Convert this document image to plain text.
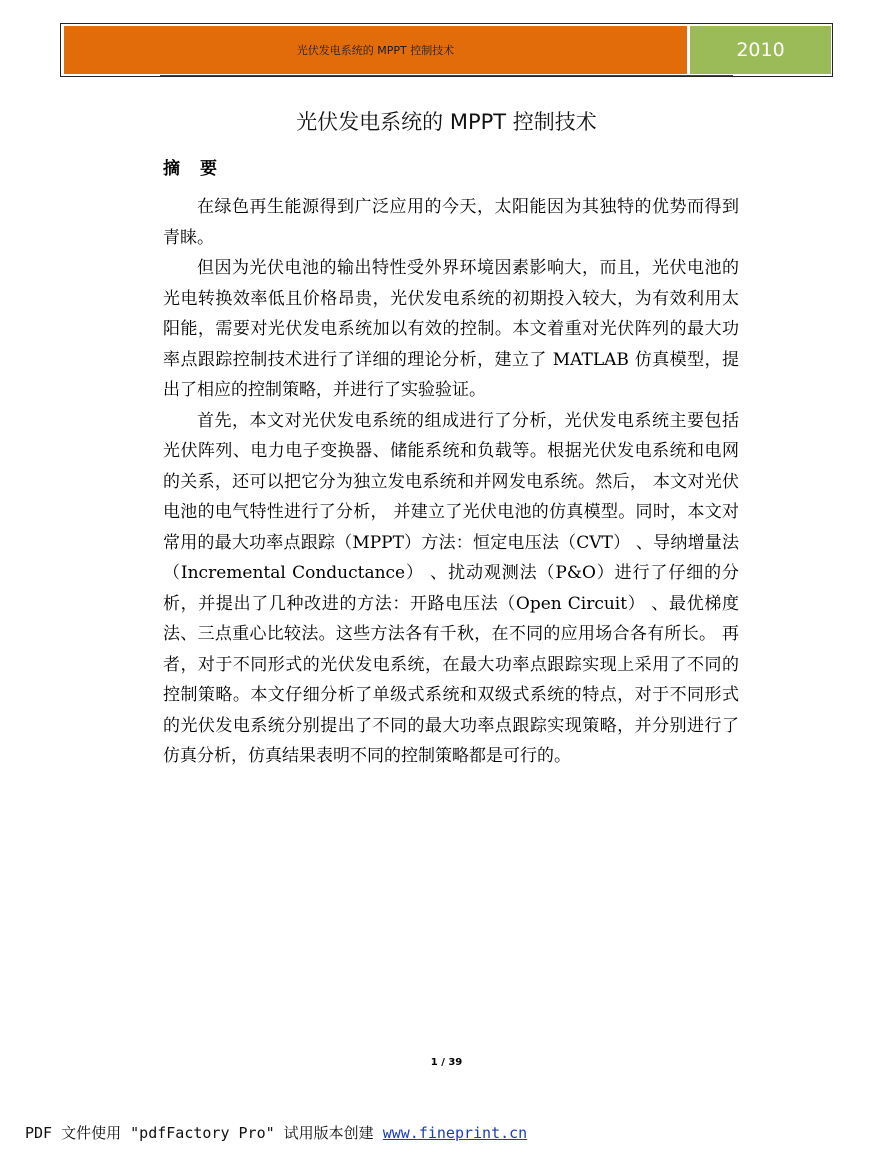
光伏发电系统的 MPPT 控制技术	2010
光伏发电系统的 MPPT 控制技术
摘要

在绿色再生能源得到广泛应用的今天，太阳能因为其独特的优势而得到青睐。

但因为光伏电池的输出特性受外界环境因素影响大，而且，光伏电池的光电转换效率低且价格昂贵，光伏发电系统的初期投入较大，为有效利用太阳能，需要对光伏发电系统加以有效的控制。本文着重对光伏阵列的最大功率点跟踪控制技术进行了详细的理论分析，建立了 MATLAB 仿真模型，提出了相应的控制策略，并进行了实验验证。

首先，本文对光伏发电系统的组成进行了分析，光伏发电系统主要包括光伏阵列、电力电子变换器、储能系统和负载等。根据光伏发电系统和电网的关系，还可以把它分为独立发电系统和并网发电系统。然后， 本文对光伏电池的电气特性进行了分析， 并建立了光伏电池的仿真模型。同时，本文对常用的最大功率点跟踪（MPPT）方法：恒定电压法（CVT） 、导纳增量法（Incremental Conductance） 、扰动观测法（P&O）进行了仔细的分析，并提出了几种改进的方法：开路电压法（Open Circuit） 、最优梯度法、三点重心比较法。这些方法各有千秋，在不同的应用场合各有所长。 再者，对于不同形式的光伏发电系统，在最大功率点跟踪实现上采用了不同的控制策略。本文仔细分析了单级式系统和双级式系统的特点，对于不同形式的光伏发电系统分别提出了不同的最大功率点跟踪实现策略，并分别进行了仿真分析，仿真结果表明不同的控制策略都是可行的。

1 / 39
PDF 文件使用 "pdfFactory Pro" 试用版本创建 www.fineprint.cn
